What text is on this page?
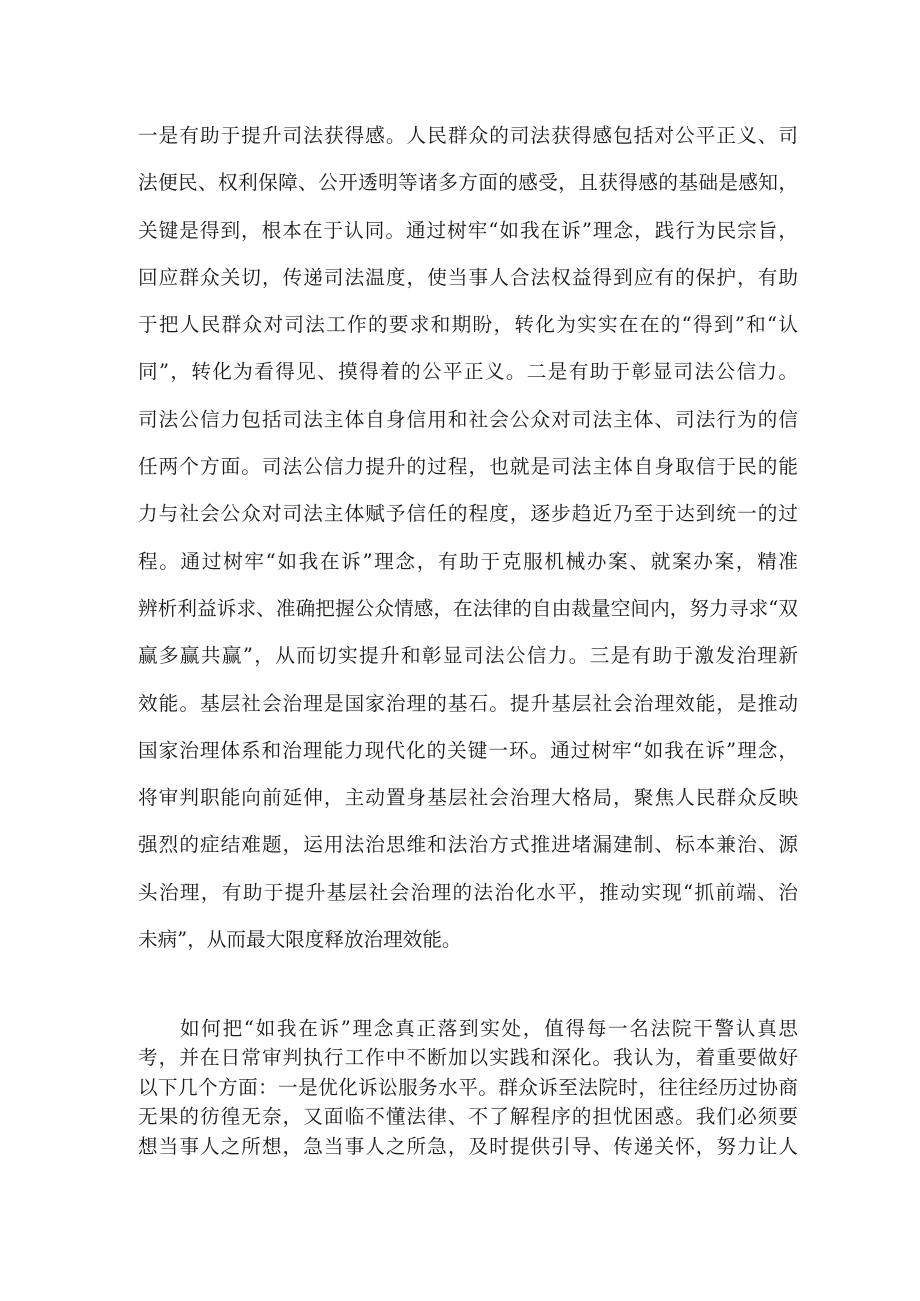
一是有助于提升司法获得感。人民群众的司法获得感包括对公平正义、司
法便民、权利保障、公开透明等诸多方面的感受，且获得感的基础是感知，
关键是得到，根本在于认同。通过树牢“如我在诉”理念，践行为民宗旨，
回应群众关切，传递司法温度，使当事人合法权益得到应有的保护，有助
于把人民群众对司法工作的要求和期盼，转化为实实在在的“得到”和“认
同”，转化为看得见、摸得着的公平正义。二是有助于彰显司法公信力。
司法公信力包括司法主体自身信用和社会公众对司法主体、司法行为的信
任两个方面。司法公信力提升的过程，也就是司法主体自身取信于民的能
力与社会公众对司法主体赋予信任的程度，逐步趋近乃至于达到统一的过
程。通过树牢“如我在诉”理念，有助于克服机械办案、就案办案，精准
辨析利益诉求、准确把握公众情感，在法律的自由裁量空间内，努力寻求“双
赢多赢共赢”，从而切实提升和彰显司法公信力。三是有助于激发治理新
效能。基层社会治理是国家治理的基石。提升基层社会治理效能，是推动
国家治理体系和治理能力现代化的关键一环。通过树牢“如我在诉”理念，
将审判职能向前延伸，主动置身基层社会治理大格局，聚焦人民群众反映
强烈的症结难题，运用法治思维和法治方式推进堵漏建制、标本兼治、源
头治理，有助于提升基层社会治理的法治化水平，推动实现“抓前端、治
未病”，从而最大限度释放治理效能。
如何把“如我在诉”理念真正落到实处，值得每一名法院干警认真思
考，并在日常审判执行工作中不断加以实践和深化。我认为，着重要做好
以下几个方面：一是优化诉讼服务水平。群众诉至法院时，往往经历过协商
无果的彷徨无奈，又面临不懂法律、不了解程序的担忧困惑。我们必须要
想当事人之所想，急当事人之所急，及时提供引导、传递关怀，努力让人
